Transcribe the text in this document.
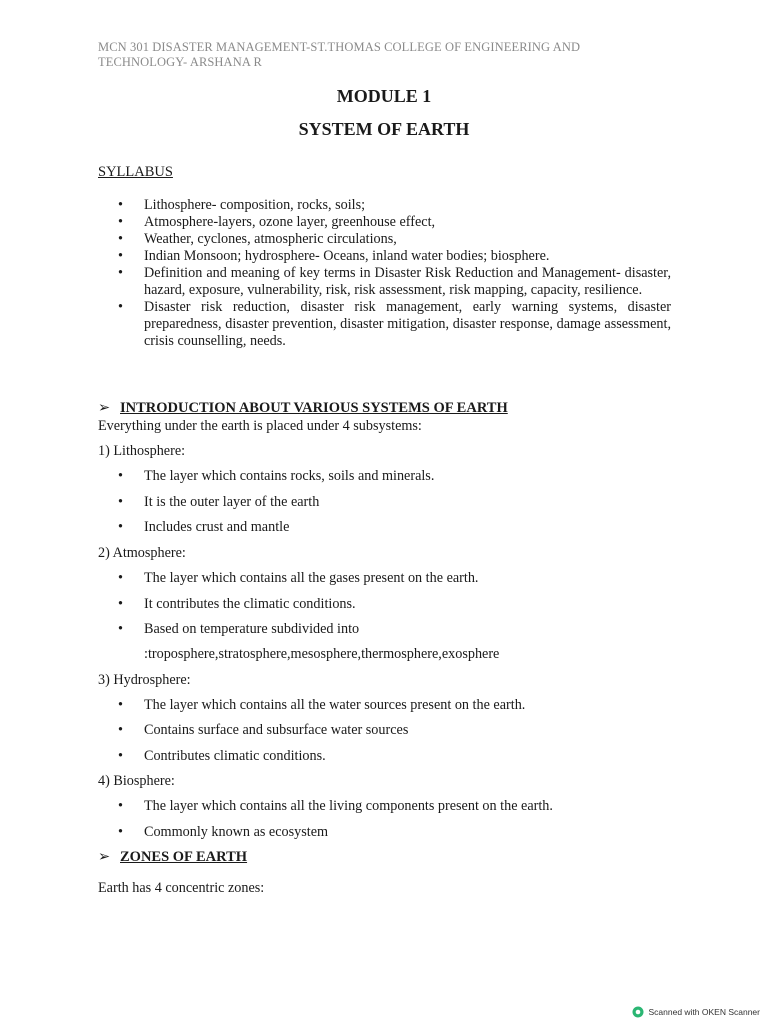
MCN 301 DISASTER MANAGEMENT-ST.THOMAS COLLEGE OF ENGINEERING AND
TECHNOLOGY- ARSHANA R
MODULE 1
SYSTEM OF EARTH
SYLLABUS
• Lithosphere- composition, rocks, soils;
• Atmosphere-layers, ozone layer, greenhouse effect,
• Weather, cyclones, atmospheric circulations,
• Indian Monsoon; hydrosphere- Oceans, inland water bodies; biosphere.
• Definition and meaning of key terms in Disaster Risk Reduction and Management- disaster, hazard, exposure, vulnerability, risk, risk assessment, risk mapping, capacity, resilience.
• Disaster risk reduction, disaster risk management, early warning systems, disaster preparedness, disaster prevention, disaster mitigation, disaster response, damage assessment, crisis counselling, needs.
➢ INTRODUCTION ABOUT VARIOUS SYSTEMS OF EARTH
Everything under the earth is placed under 4 subsystems:
1) Lithosphere:
• The layer which contains rocks, soils and minerals.
• It is the outer layer of the earth
• Includes crust and mantle
2) Atmosphere:
• The layer which contains all the gases present on the earth.
• It contributes the climatic conditions.
• Based on temperature subdivided into
:troposphere,stratosphere,mesosphere,thermosphere,exosphere
3) Hydrosphere:
• The layer which contains all the water sources present on the earth.
• Contains surface and subsurface water sources
• Contributes climatic conditions.
4) Biosphere:
• The layer which contains all the living components present on the earth.
• Commonly known as ecosystem
➢ ZONES OF EARTH
Earth has 4 concentric zones:
Scanned with OKEN Scanner
